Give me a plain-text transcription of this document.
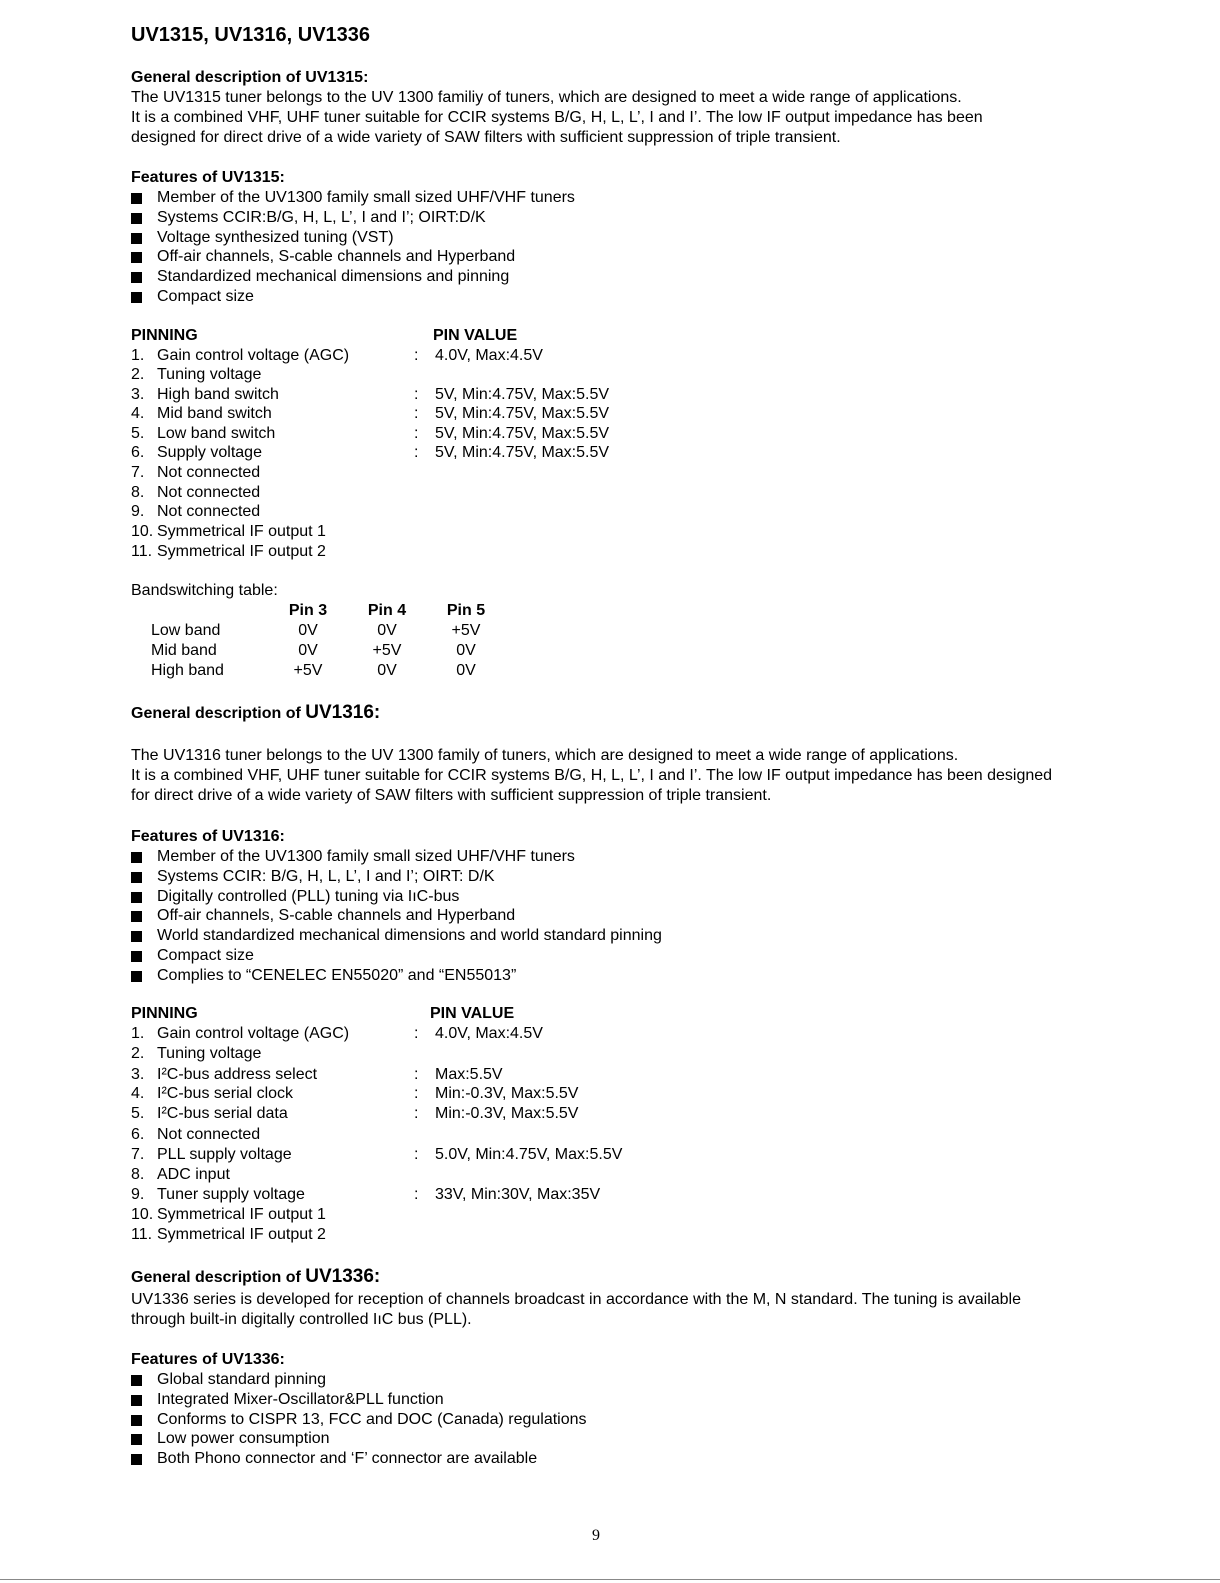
UV1315, UV1316, UV1336
General description of UV1315:
The UV1315 tuner belongs to the UV 1300 familiy of tuners, which are designed to meet a wide range of applications.
It is a combined VHF, UHF tuner suitable for CCIR systems B/G, H, L, L’, I and I’. The low IF output impedance has been
designed for direct drive of a wide variety of SAW filters with sufficient suppression of triple transient.
Features of UV1315:
Member of the UV1300 family small sized UHF/VHF tuners
Systems CCIR:B/G, H, L, L’, I and I’; OIRT:D/K
Voltage synthesized tuning (VST)
Off-air channels, S-cable channels and Hyperband
Standardized mechanical dimensions and pinning
Compact size
PINNING	PIN VALUE
1. Gain control voltage (AGC)	: 4.0V, Max:4.5V
2. Tuning voltage
3. High band switch	: 5V, Min:4.75V, Max:5.5V
4. Mid band switch	: 5V, Min:4.75V, Max:5.5V
5. Low band switch	: 5V, Min:4.75V, Max:5.5V
6. Supply voltage	: 5V, Min:4.75V, Max:5.5V
7. Not connected
8. Not connected
9. Not connected
10. Symmetrical IF output 1
11. Symmetrical IF output 2
Bandswitching table:
Pin 3	Pin 4	Pin 5
Low band	0V	0V	+5V
Mid band	0V	+5V	0V
High band	+5V	0V	0V
General description of UV1316:
The UV1316 tuner belongs to the UV 1300 family of tuners, which are designed to meet a wide range of applications.
It is a combined VHF, UHF tuner suitable for CCIR systems B/G, H, L, L’, I and I’. The low IF output impedance has been designed
for direct drive of a wide variety of SAW filters with sufficient suppression of triple transient.
Features of UV1316:
Member of the UV1300 family small sized UHF/VHF tuners
Systems CCIR: B/G, H, L, L’, I and I’; OIRT: D/K
Digitally controlled (PLL) tuning via IıC-bus
Off-air channels, S-cable channels and Hyperband
World standardized mechanical dimensions and world standard pinning
Compact size
Complies to “CENELEC EN55020” and “EN55013”
PINNING	PIN VALUE
1. Gain control voltage (AGC)	: 4.0V, Max:4.5V
2. Tuning voltage
3. I²C-bus address select	: Max:5.5V
4. I²C-bus serial clock	: Min:-0.3V, Max:5.5V
5. I²C-bus serial data	: Min:-0.3V, Max:5.5V
6. Not connected
7. PLL supply voltage	: 5.0V, Min:4.75V, Max:5.5V
8. ADC input
9. Tuner supply voltage	: 33V, Min:30V, Max:35V
10. Symmetrical IF output 1
11. Symmetrical IF output 2
General description of UV1336:
UV1336 series is developed for reception of channels broadcast in accordance with the M, N standard. The tuning is available
through built-in digitally controlled IıC bus (PLL).
Features of UV1336:
Global standard pinning
Integrated Mixer-Oscillator&PLL function
Conforms to CISPR 13, FCC and DOC (Canada) regulations
Low power consumption
Both Phono connector and ‘F’ connector are available
9
